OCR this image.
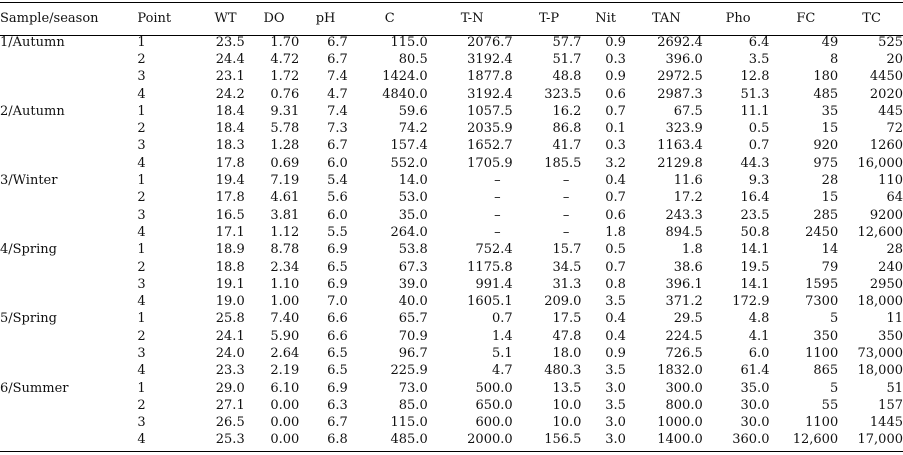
Sample/season	Point	WT	DO	pH	C	T-N	T-P	Nit	TAN	Pho	FC	TC
1/Autumn	1	23.5	1.70	6.7	115.0	2076.7	57.7	0.9	2692.4	6.4	49	525
	2	24.4	4.72	6.7	80.5	3192.4	51.7	0.3	396.0	3.5	8	20
	3	23.1	1.72	7.4	1424.0	1877.8	48.8	0.9	2972.5	12.8	180	4450
	4	24.2	0.76	4.7	4840.0	3192.4	323.5	0.6	2987.3	51.3	485	2020
2/Autumn	1	18.4	9.31	7.4	59.6	1057.5	16.2	0.7	67.5	11.1	35	445
	2	18.4	5.78	7.3	74.2	2035.9	86.8	0.1	323.9	0.5	15	72
	3	18.3	1.28	6.7	157.4	1652.7	41.7	0.3	1163.4	0.7	920	1260
	4	17.8	0.69	6.0	552.0	1705.9	185.5	3.2	2129.8	44.3	975	16,000
3/Winter	1	19.4	7.19	5.4	14.0	–	–	0.4	11.6	9.3	28	110
	2	17.8	4.61	5.6	53.0	–	–	0.7	17.2	16.4	15	64
	3	16.5	3.81	6.0	35.0	–	–	0.6	243.3	23.5	285	9200
	4	17.1	1.12	5.5	264.0	–	–	1.8	894.5	50.8	2450	12,600
4/Spring	1	18.9	8.78	6.9	53.8	752.4	15.7	0.5	1.8	14.1	14	28
	2	18.8	2.34	6.5	67.3	1175.8	34.5	0.7	38.6	19.5	79	240
	3	19.1	1.10	6.9	39.0	991.4	31.3	0.8	396.1	14.1	1595	2950
	4	19.0	1.00	7.0	40.0	1605.1	209.0	3.5	371.2	172.9	7300	18,000
5/Spring	1	25.8	7.40	6.6	65.7	0.7	17.5	0.4	29.5	4.8	5	11
	2	24.1	5.90	6.6	70.9	1.4	47.8	0.4	224.5	4.1	350	350
	3	24.0	2.64	6.5	96.7	5.1	18.0	0.9	726.5	6.0	1100	73,000
	4	23.3	2.19	6.5	225.9	4.7	480.3	3.5	1832.0	61.4	865	18,000
6/Summer	1	29.0	6.10	6.9	73.0	500.0	13.5	3.0	300.0	35.0	5	51
	2	27.1	0.00	6.3	85.0	650.0	10.0	3.5	800.0	30.0	55	157
	3	26.5	0.00	6.7	115.0	600.0	10.0	3.0	1000.0	30.0	1100	1445
	4	25.3	0.00	6.8	485.0	2000.0	156.5	3.0	1400.0	360.0	12,600	17,000
